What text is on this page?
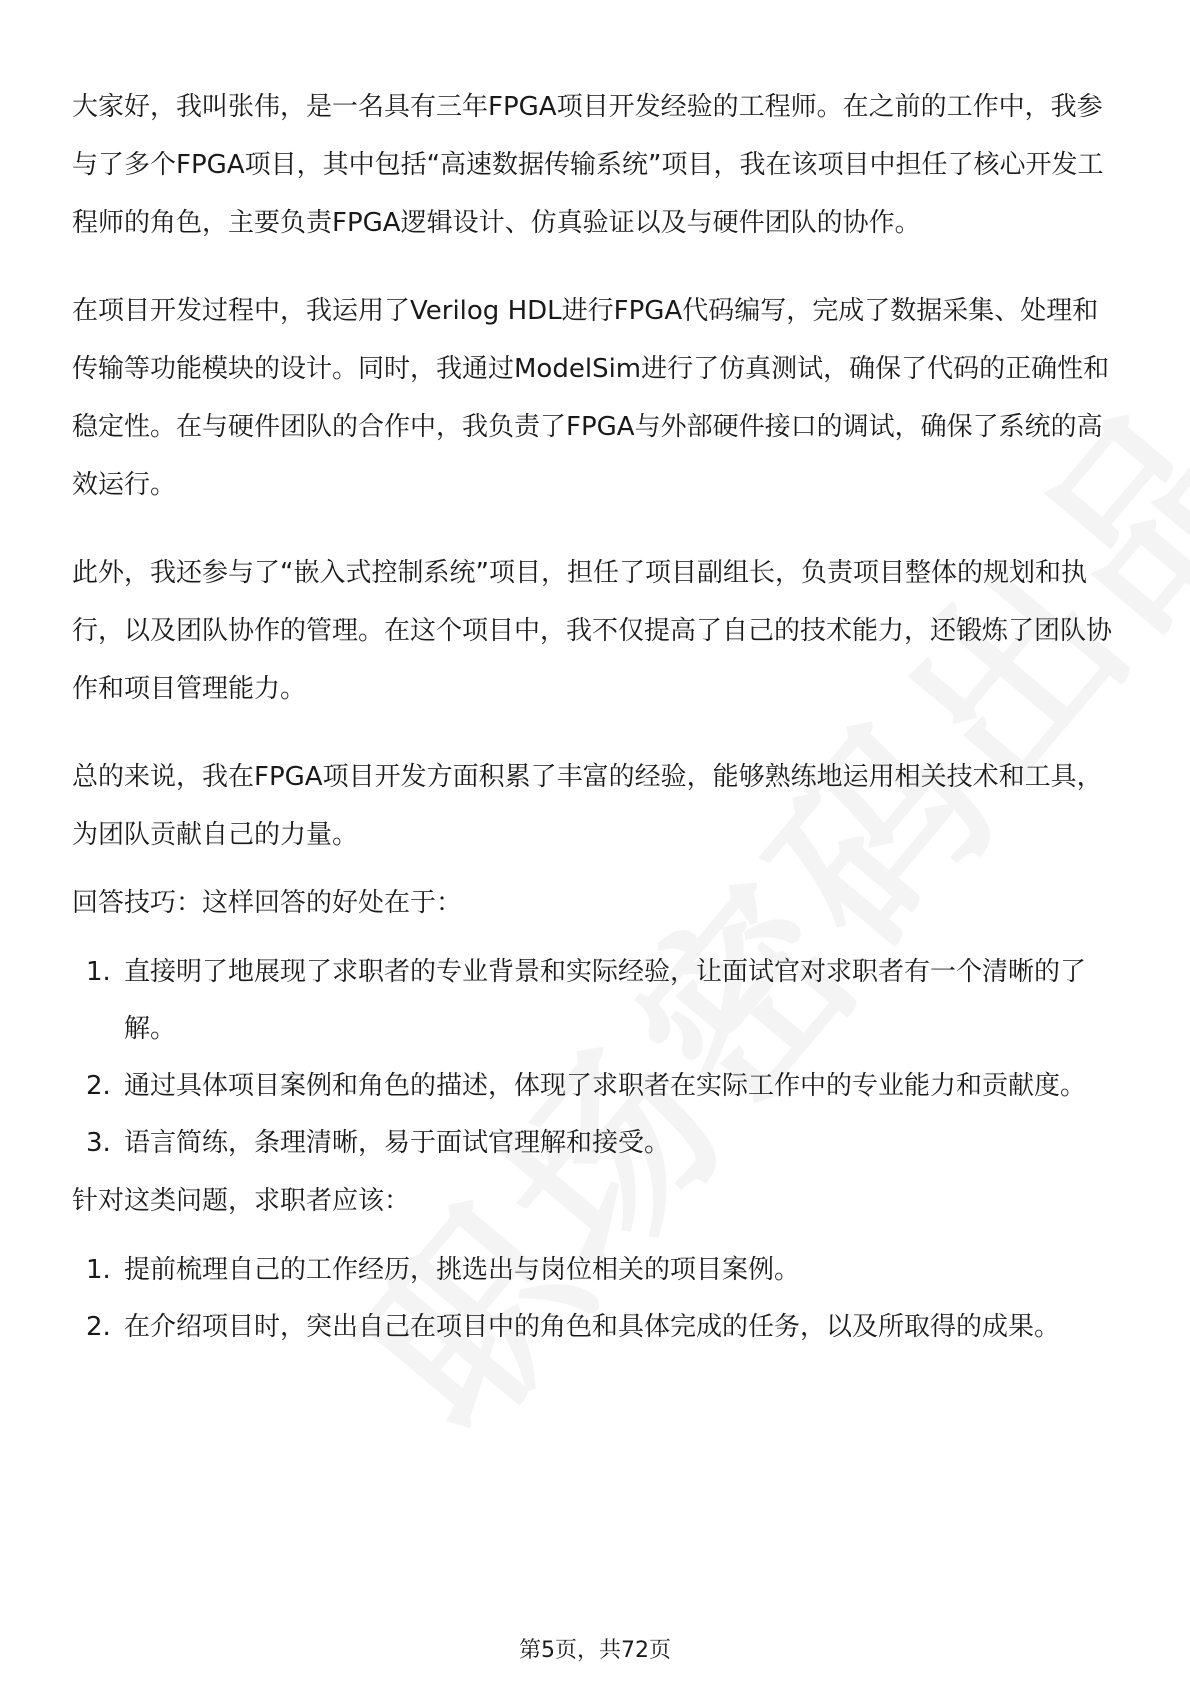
大家好，我叫张伟，是一名具有三年FPGA项目开发经验的工程师。在之前的工作中，我参与了多个FPGA项目，其中包括“高速数据传输系统”项目，我在该项目中担任了核心开发工程师的角色，主要负责FPGA逻辑设计、仿真验证以及与硬件团队的协作。

在项目开发过程中，我运用了Verilog HDL进行FPGA代码编写，完成了数据采集、处理和传输等功能模块的设计。同时，我通过ModelSim进行了仿真测试，确保了代码的正确性和稳定性。在与硬件团队的合作中，我负责了FPGA与外部硬件接口的调试，确保了系统的高效运行。

此外，我还参与了“嵌入式控制系统”项目，担任了项目副组长，负责项目整体的规划和执行，以及团队协作的管理。在这个项目中，我不仅提高了自己的技术能力，还锻炼了团队协作和项目管理能力。

总的来说，我在FPGA项目开发方面积累了丰富的经验，能够熟练地运用相关技术和工具，为团队贡献自己的力量。

回答技巧：这样回答的好处在于：

1. 直接明了地展现了求职者的专业背景和实际经验，让面试官对求职者有一个清晰的了解。
2. 通过具体项目案例和角色的描述，体现了求职者在实际工作中的专业能力和贡献度。
3. 语言简练，条理清晰，易于面试官理解和接受。

针对这类问题，求职者应该：

1. 提前梳理自己的工作经历，挑选出与岗位相关的项目案例。
2. 在介绍项目时，突出自己在项目中的角色和具体完成的任务，以及所取得的成果。
第5页，共72页
